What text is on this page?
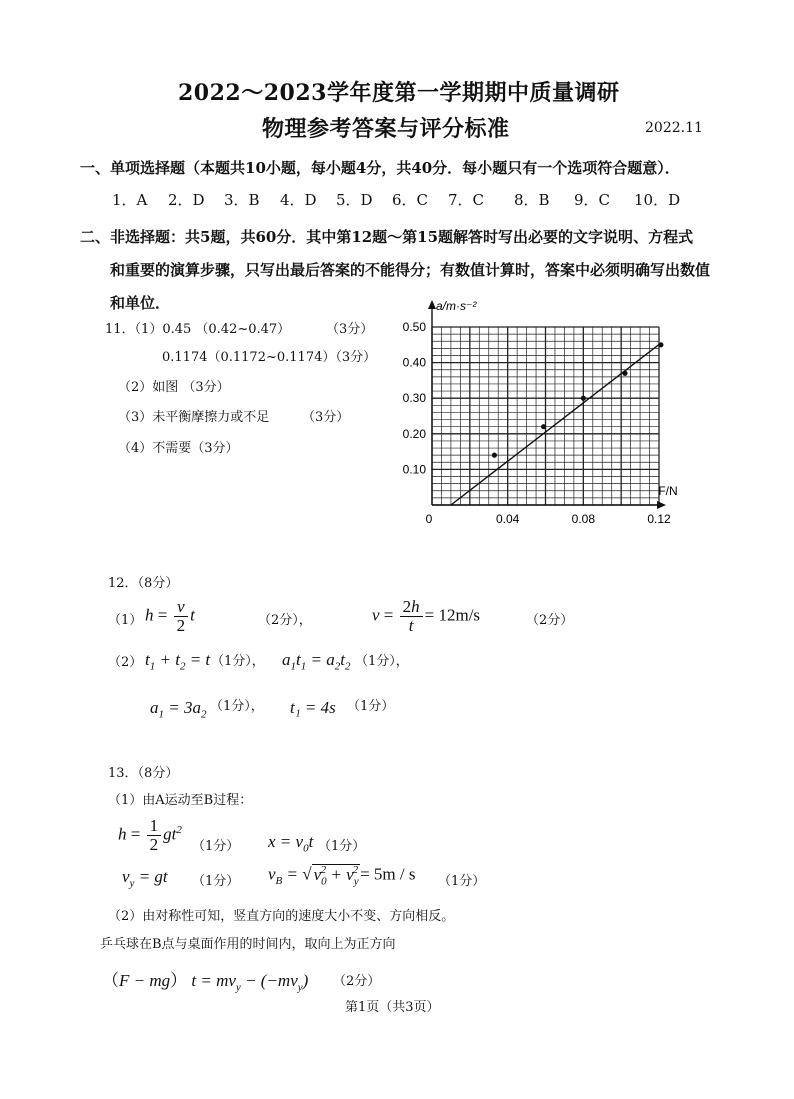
2022～2023学年度第一学期期中质量调研
物理参考答案与评分标准	2022.11
一、单项选择题（本题共10小题，每小题4分，共40分．每小题只有一个选项符合题意）．
1．A	2．D	3．B	4．D	5．D	6．C	7．C	8．B	9．C	10．D
二、非选择题：共5题，共60分．其中第12题～第15题解答时写出必要的文字说明、方程式
和重要的演算步骤，只写出最后答案的不能得分；有数值计算时，答案中必须明确写出数值
和单位．
11．（1）0.45 （0.42~0.47）	（3分）
0.1174（0.1172~0.1174）（3分）
（2）如图 （3分）
（3）未平衡摩擦力或不足	（3分）
（4）不需要（3分）
a/m·s⁻²
F/N
0	0.04	0.08	0.12
0.10
0.20
0.30
0.40
0.50
12．（8分）
（1） $h = \frac{v}{2}$ t	（2分），	$v = \frac{2h}{t} = 12m/s$	（2分）
（2） $t_1 + t_2 = t$ （1分）， $a_1t_1 = a_2t_2$ （1分），
$a_1 = 3a_2$
（1分）， t₁ = 4s （1分）
13．（8分）
（1）由A运动至B过程：
$h = \frac{1}{2} gt^2$
（1分） $x = v_0t$ （1分）
$v_y$ = gt （1分） $v_B$ = √ $v_0^2 + v_y^2 = 5m / s$ （1分）
（2）由对称性可知，竖直方向的速度大小不变、方向相反。
乒乓球在B点与桌面作用的时间内，取向上为正方向
（F − mg） $t = mv_y - (-mv_y)$ （2分）
第1页（共3页）
